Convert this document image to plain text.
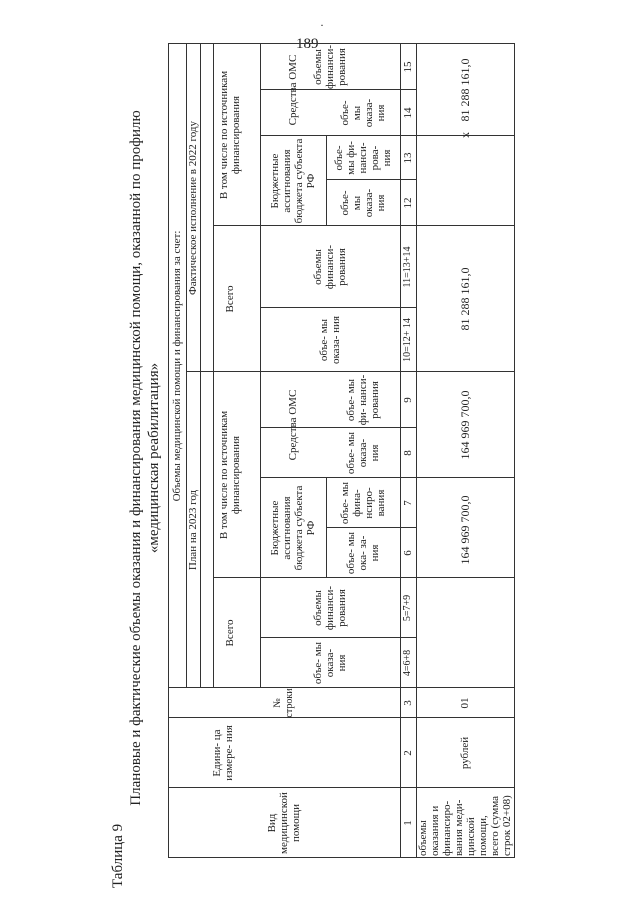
·
189
Таблица 9
Плановые и фактические объемы оказания и финансирования медицинской помощи, оказанной по профилю «медицинская реабилитация»
Вид медицинской помощи
Едини- ца измере- ния
№ строки
Объемы медицинской помощи и финансирования за счет:
План на 2023 год
Фактическое исполнение в 2022 году
Всего
В том числе по источникам финансирования
Всего
В том числе по источникам финансирования
Бюджетные ассигнования бюджета субъекта РФ
Средства ОМС
Бюджетные ассигнования бюджета субъекта РФ
Средства ОМС
объе- мы оказа- ния
объемы финанси- рования
объе- мы ока- за- ния
объе- мы фина- нсиро- вания
объе- мы оказа- ния
объе- мы фи- нанси- рования
объе- мы оказа- ния
объемы финанси- рования
объе- мы оказа- ния
объе- мы фи- нанси- рова- ния
объе- мы оказа- ния
объемы финанси- рования
1
2
3
4=6+8
5=7+9
6
7
8
9
10=12+ 14
11=13+14
12
13
14
15
объемы оказания и финансиро- вания меди- цинской помощи, всего (сумма строк 02+08)
рублей
01
164 969 700,0
164 969 700,0
81 288 161,0
х
81 288 161,0
